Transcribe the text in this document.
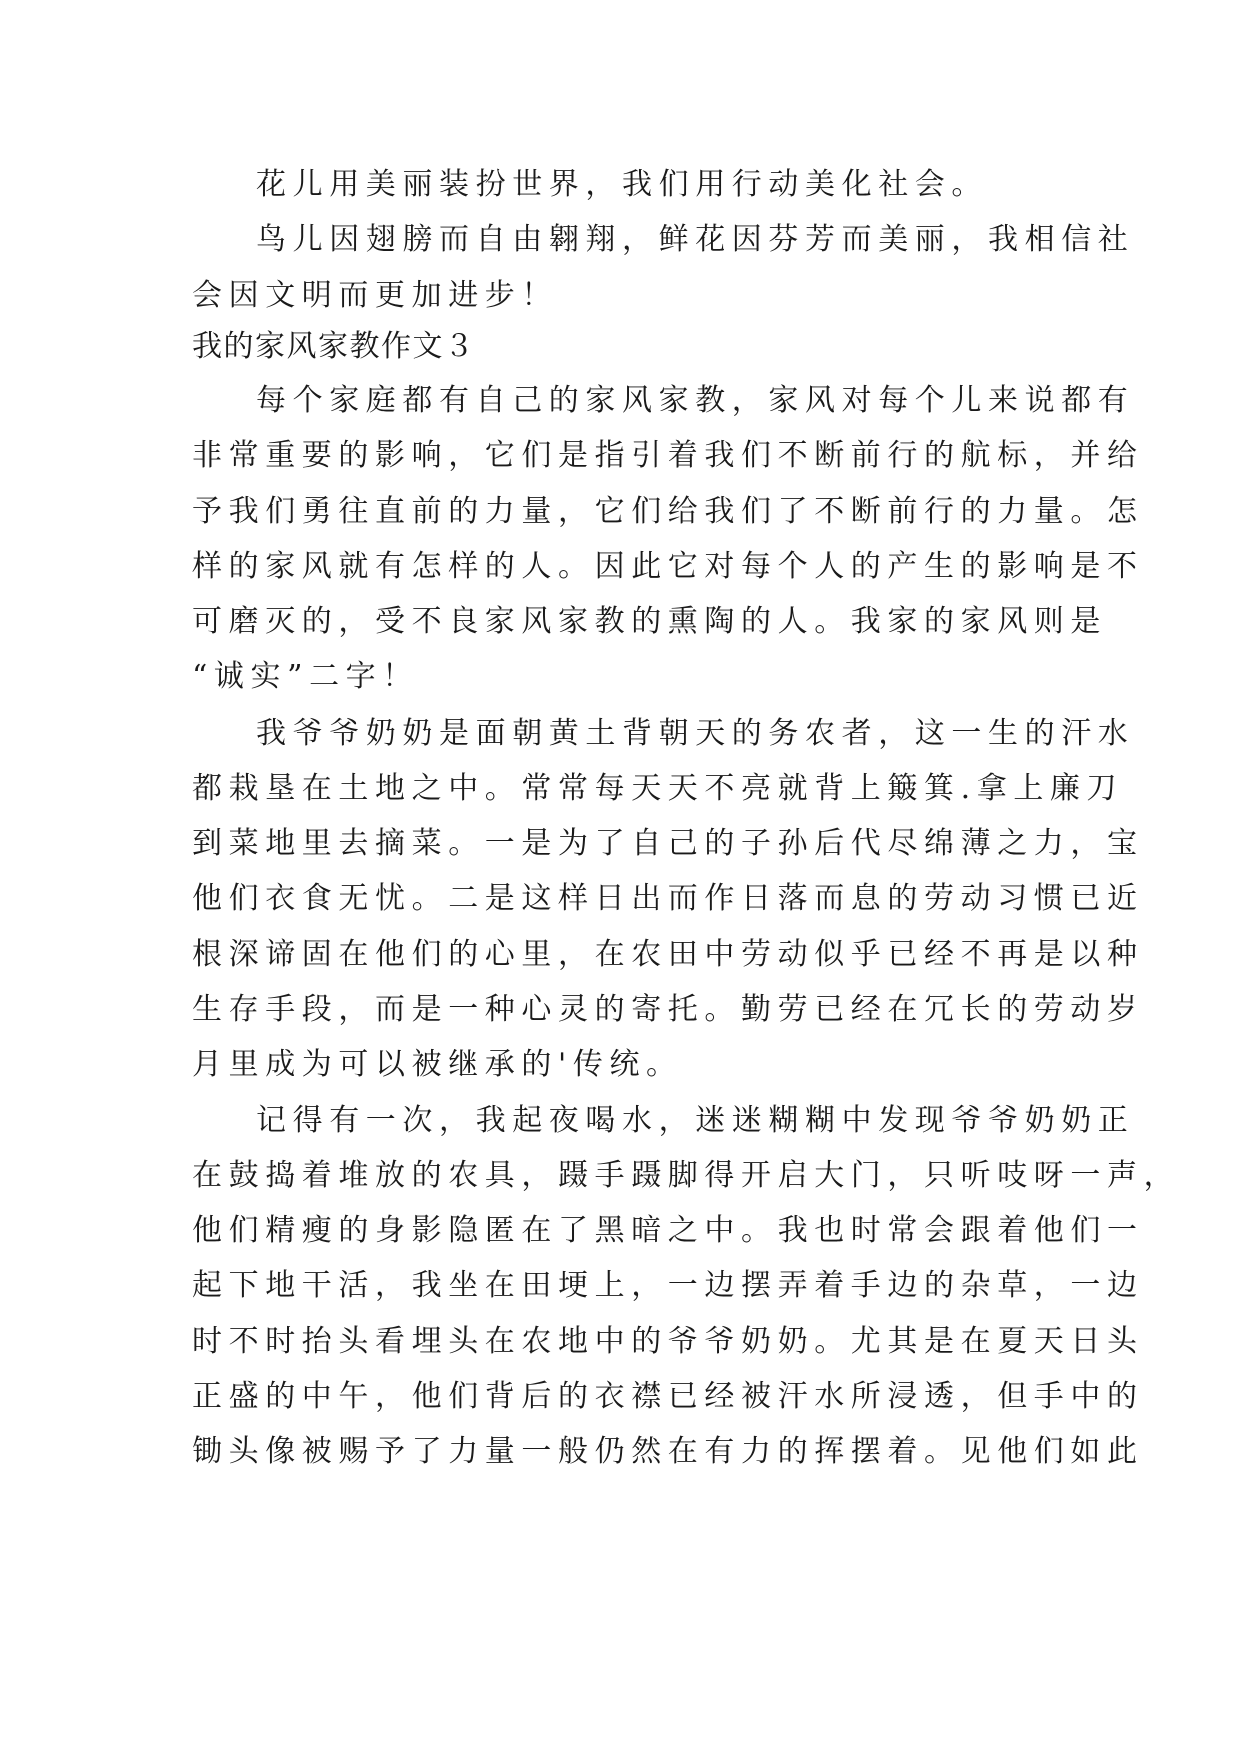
花儿用美丽装扮世界，我们用行动美化社会。
鸟儿因翅膀而自由翱翔，鲜花因芬芳而美丽，我相信社
会因文明而更加进步！
我的家风家教作文３
每个家庭都有自己的家风家教，家风对每个儿来说都有
非常重要的影响，它们是指引着我们不断前行的航标，并给
予我们勇往直前的力量，它们给我们了不断前行的力量。怎
样的家风就有怎样的人。因此它对每个人的产生的影响是不
可磨灭的，受不良家风家教的熏陶的人。我家的家风则是
“诚实”二字！
我爷爷奶奶是面朝黄土背朝天的务农者，这一生的汗水
都栽垦在土地之中。常常每天天不亮就背上簸箕.拿上廉刀
到菜地里去摘菜。一是为了自己的子孙后代尽绵薄之力，宝
他们衣食无忧。二是这样日出而作日落而息的劳动习惯已近
根深谛固在他们的心里，在农田中劳动似乎已经不再是以种
生存手段，而是一种心灵的寄托。勤劳已经在冗长的劳动岁
月里成为可以被继承的'传统。
记得有一次，我起夜喝水，迷迷糊糊中发现爷爷奶奶正
在鼓捣着堆放的农具，蹑手蹑脚得开启大门，只听吱呀一声，
他们精瘦的身影隐匿在了黑暗之中。我也时常会跟着他们一
起下地干活，我坐在田埂上，一边摆弄着手边的杂草，一边
时不时抬头看埋头在农地中的爷爷奶奶。尤其是在夏天日头
正盛的中午，他们背后的衣襟已经被汗水所浸透，但手中的
锄头像被赐予了力量一般仍然在有力的挥摆着。见他们如此
